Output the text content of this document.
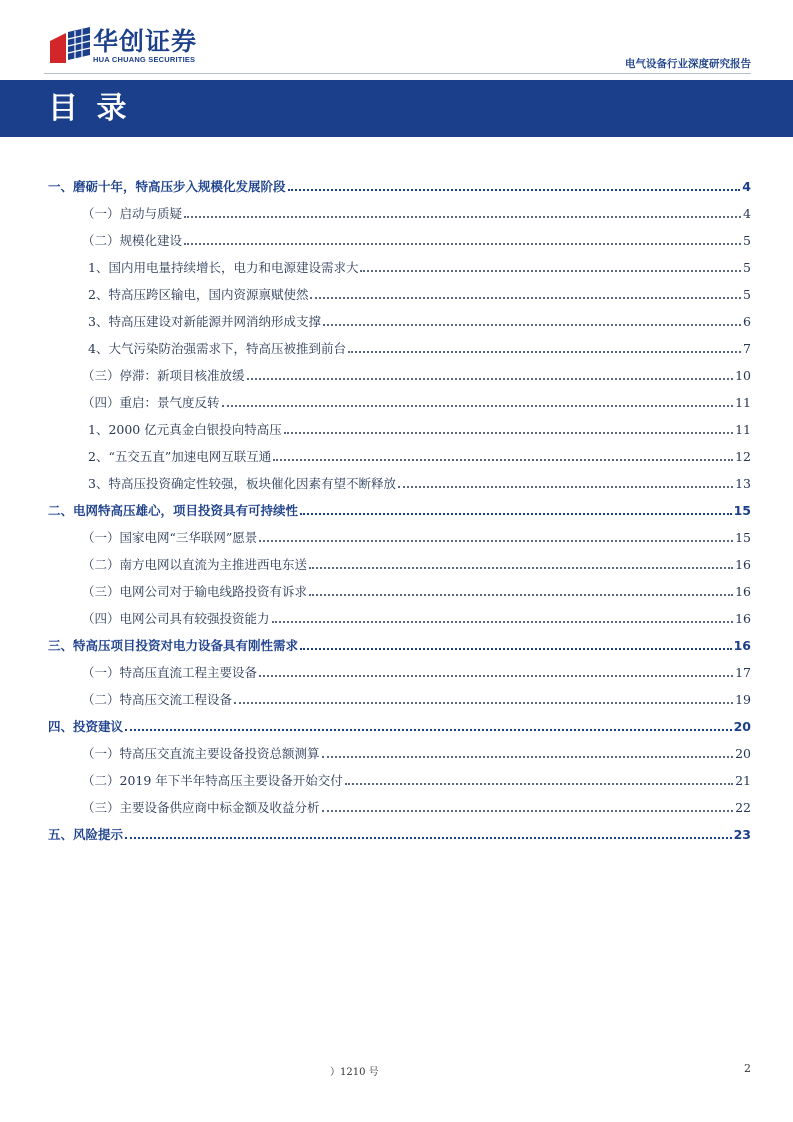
华创证券
HUA CHUANG SECURITIES	电气设备行业深度研究报告
目 录
一、磨砺十年，特高压步入规模化发展阶段	4
（一）启动与质疑	4
（二）规模化建设	5
1、国内用电量持续增长，电力和电源建设需求大	5
2、特高压跨区输电，国内资源禀赋使然	5
3、特高压建设对新能源并网消纳形成支撑	6
4、大气污染防治强需求下，特高压被推到前台	7
（三）停滞：新项目核准放缓	10
（四）重启：景气度反转	11
1、2000 亿元真金白银投向特高压	11
2、“五交五直”加速电网互联互通	12
3、特高压投资确定性较强，板块催化因素有望不断释放	13
二、电网特高压雄心，项目投资具有可持续性	15
（一）国家电网“三华联网”愿景	15
（二）南方电网以直流为主推进西电东送	16
（三）电网公司对于输电线路投资有诉求	16
（四）电网公司具有较强投资能力	16
三、特高压项目投资对电力设备具有刚性需求	16
（一）特高压直流工程主要设备	17
（二）特高压交流工程设备	19
四、投资建议	20
（一）特高压交直流主要设备投资总额测算	20
（二）2019 年下半年特高压主要设备开始交付	21
（三）主要设备供应商中标金额及收益分析	22
五、风险提示	23
）1210 号	2
